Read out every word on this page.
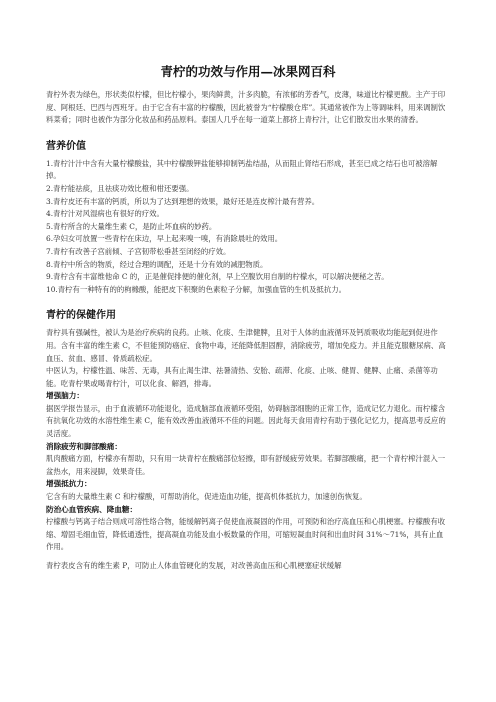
青柠的功效与作用—冰果网百科

青柠外表为绿色，形状类似柠檬，但比柠檬小，果肉鲜黄，汁多肉脆，有浓郁的芳香气，皮薄，味道比柠檬更酸。主产于印度、阿根廷、巴西与西班牙。由于它含有丰富的柠檬酸，因此被誉为“柠檬酸仓库”。其通常被作为上等调味料，用来调制饮料菜肴；同时也被作为部分化妆品和药品原料。泰国人几乎在每一道菜上都挤上青柠汁，让它们散发出水果的清香。

营养价值

1.青柠汁汁中含有大量柠檬酸盐，其中柠檬酸钾盐能够抑制钙盐结晶，从而阻止肾结石形成，甚至已成之结石也可被溶解掉。

2.青柠能祛痰，且祛痰功效比橙和柑还要强。

3.青柠皮还有丰富的钙质，所以为了达到理想的效果，最好还是连皮榨汁最有营养。

4.青柠汁对风湿病也有很好的疗效。

5.青柠所含的大量维生素 C，是防止坏血病的妙药。

6.孕妇女可放置一些青柠在床边，早上起来嗅一嗅，有消除晨吐的效用。

7.青柠有改善子宫前倾、子宫韧带松垂甚至闭经的疗效。

8.青柠中所含的物质，经过合理的调配，还是十分有效的减肥物质。

9.青柠含有丰富维他命 C 的，正是催促排便的催化剂，早上空腹饮用自制的柠檬水，可以解决便秘之苦。

10.青柠有一种特有的的枸橼酸，能把皮下积聚的色素粒子分解，加强血管的生机及抵抗力。

青柠的保健作用

青柠具有强碱性，被认为是治疗疾病的良药。止咳、化痰、生津健脾，且对于人体的血液循环及钙质吸收均能起到促进作用。含有丰富的维生素 C，不但能预防癌症、食物中毒，还能降低胆固醇，消除疲劳，增加免疫力。并且能克服糖尿病、高血压、贫血、感冒、骨质疏松症。

中医认为，柠檬性温、味苦、无毒，具有止渴生津、祛暑清热、安胎、疏滞、化痰、止咳、健胃、健脾、止痛、杀菌等功能。吃青柠果或喝青柠汁，可以化食、解酒，排毒。

增强脑力：

据医学报告显示，由于血液循环功能退化，造成脑部血液循环受阻，妨碍脑部细胞的正常工作，造成记忆力退化。而柠檬含有抗氧化功效的水溶性维生素 C，能有效改善血液循环不佳的问题。因此每天食用青柠有助于强化记忆力，提高思考反应的灵活度。

消除疲劳和脚部酸痛：

肌肉酸痛方面，柠檬亦有帮助，只有用一块青柠在酸痛部位轻擦，即有舒缓疲劳效果。若脚部酸痛，把一个青柠榨汁混入一盆热水，用来浸脚，效果奇佳。

增强抵抗力：

它含有的大量维生素 C 和柠檬酸，可帮助消化，促进造血功能，提高机体抵抗力，加速创伤恢复。

防治心血管疾病、降血糖：

柠檬酸与钙离子结合则成可溶性络合物，能缓解钙离子促使血液凝固的作用，可预防和治疗高血压和心肌梗塞。柠檬酸有收缩、增固毛细血管，降低通透性，提高凝血功能及血小板数量的作用，可缩短凝血时间和出血时间 31%～71%，具有止血作用。

青柠表皮含有的维生素 P，可防止人体血管硬化的发展，对改善高血压和心肌梗塞症状缓解
